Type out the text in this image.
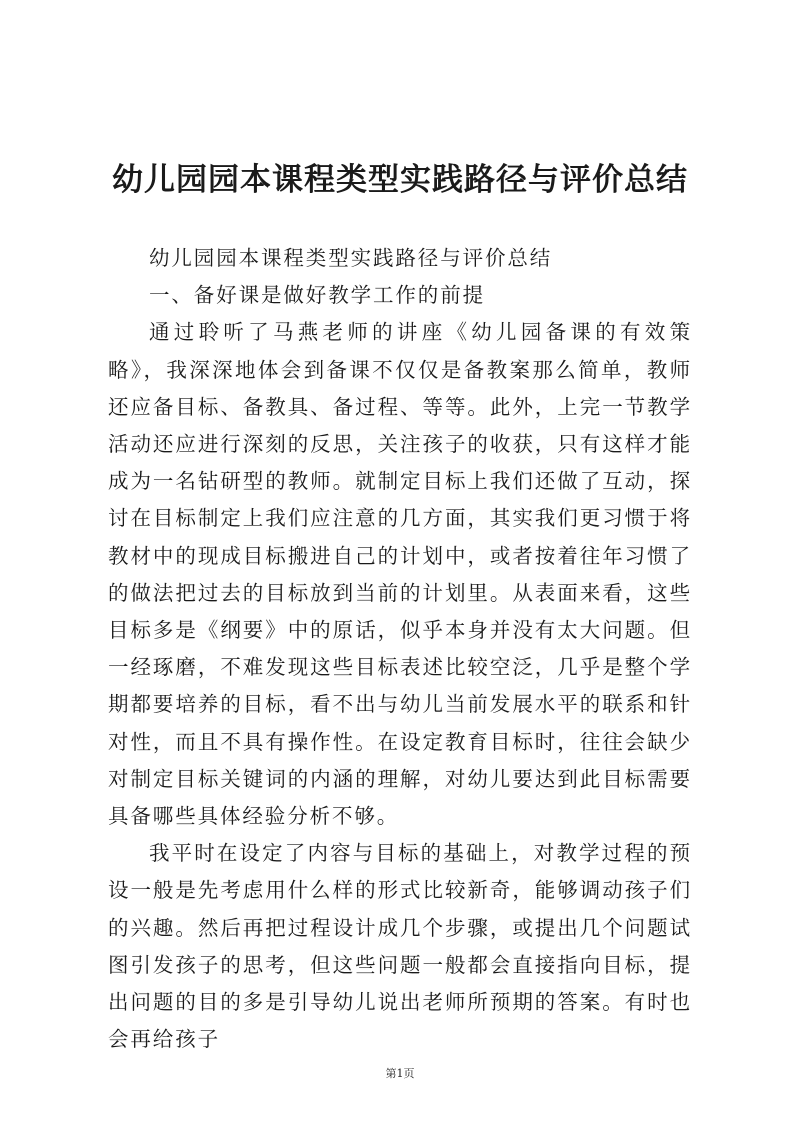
幼儿园园本课程类型实践路径与评价总结

幼儿园园本课程类型实践路径与评价总结

一、备好课是做好教学工作的前提

通过聆听了马燕老师的讲座《幼儿园备课的有效策略》，我深深地体会到备课不仅仅是备教案那么简单，教师还应备目标、备教具、备过程、等等。此外，上完一节教学活动还应进行深刻的反思，关注孩子的收获，只有这样才能成为一名钻研型的教师。就制定目标上我们还做了互动，探讨在目标制定上我们应注意的几方面，其实我们更习惯于将教材中的现成目标搬进自己的计划中，或者按着往年习惯了的做法把过去的目标放到当前的计划里。从表面来看，这些目标多是《纲要》中的原话，似乎本身并没有太大问题。但一经琢磨，不难发现这些目标表述比较空泛，几乎是整个学期都要培养的目标，看不出与幼儿当前发展水平的联系和针对性，而且不具有操作性。在设定教育目标时，往往会缺少对制定目标关键词的内涵的理解，对幼儿要达到此目标需要具备哪些具体经验分析不够。

我平时在设定了内容与目标的基础上，对教学过程的预设一般是先考虑用什么样的形式比较新奇，能够调动孩子们的兴趣。然后再把过程设计成几个步骤，或提出几个问题试图引发孩子的思考，但这些问题一般都会直接指向目标，提出问题的目的多是引导幼儿说出老师所预期的答案。有时也会再给孩子

第1页
